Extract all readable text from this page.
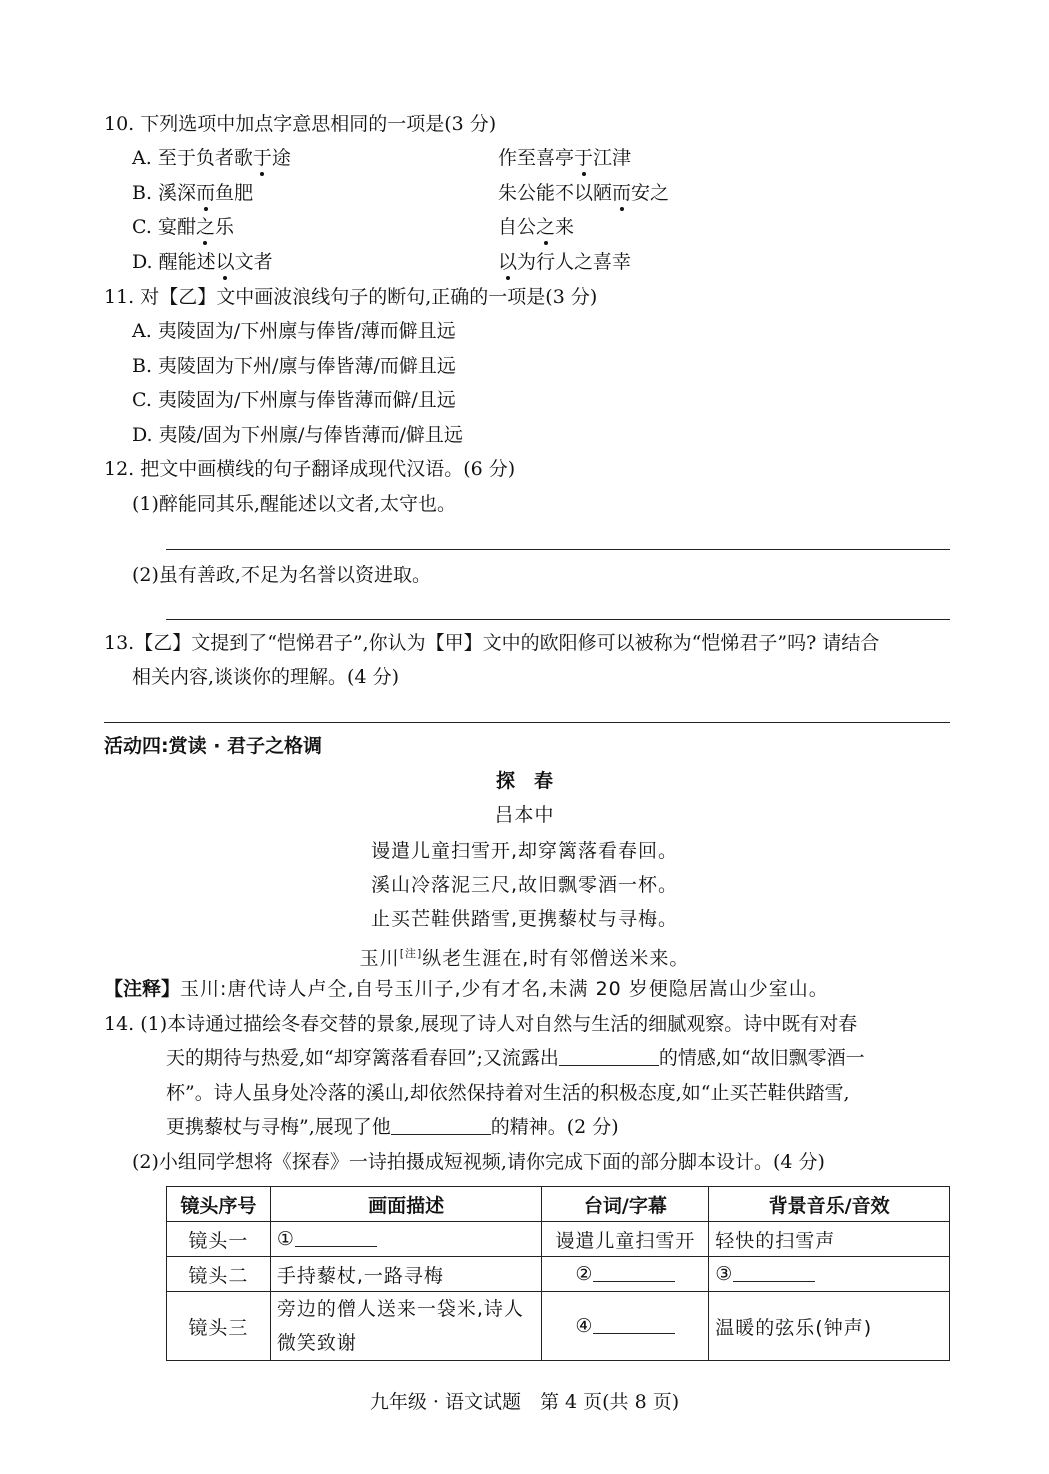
10. 下列选项中加点字意思相同的一项是(3 分)
A. 至于负者歌于途	作至喜亭于江津
B. 溪深而鱼肥	朱公能不以陋而安之
C. 宴酣之乐	自公之来
D. 醒能述以文者	以为行人之喜幸
11. 对【乙】文中画波浪线句子的断句,正确的一项是(3 分)
A. 夷陵固为/下州廪与俸皆/薄而僻且远
B. 夷陵固为下州/廪与俸皆薄/而僻且远
C. 夷陵固为/下州廪与俸皆薄而僻/且远
D. 夷陵/固为下州廪/与俸皆薄而/僻且远
12. 把文中画横线的句子翻译成现代汉语。(6 分)
(1)醉能同其乐,醒能述以文者,太守也。
(2)虽有善政,不足为名誉以资进取。
13.【乙】文提到了“恺悌君子”,你认为【甲】文中的欧阳修可以被称为“恺悌君子”吗? 请结合
相关内容,谈谈你的理解。(4 分)
活动四:赏读 · 君子之格调
探　春
吕本中
谩遣儿童扫雪开,却穿篱落看春回。
溪山冷落泥三尺,故旧飘零酒一杯。
止买芒鞋供踏雪,更携藜杖与寻梅。
玉川[注]纵老生涯在,时有邻僧送米来。
【注释】玉川:唐代诗人卢仝,自号玉川子,少有才名,未满 20 岁便隐居嵩山少室山。
14. (1)本诗通过描绘冬春交替的景象,展现了诗人对自然与生活的细腻观察。诗中既有对春
天的期待与热爱,如“却穿篱落看春回”;又流露出	的情感,如“故旧飘零酒一
杯”。诗人虽身处冷落的溪山,却依然保持着对生活的积极态度,如“止买芒鞋供踏雪,
更携藜杖与寻梅”,展现了他	的精神。(2 分)
(2)小组同学想将《探春》一诗拍摄成短视频,请你完成下面的部分脚本设计。(4 分)
镜头序号	画面描述	台词/字幕	背景音乐/音效
镜头一	①	谩遣儿童扫雪开	轻快的扫雪声
镜头二	手持藜杖,一路寻梅	②	③
镜头三	旁边的僧人送来一袋米,诗人微笑致谢	④	温暖的弦乐(钟声)
九年级 · 语文试题　第 4 页(共 8 页)
